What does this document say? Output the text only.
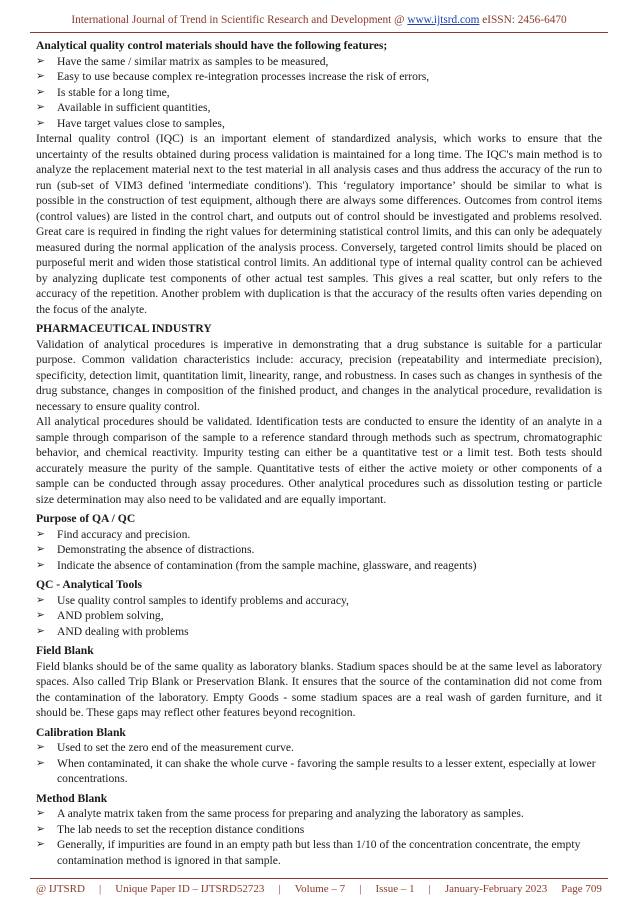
International Journal of Trend in Scientific Research and Development @ www.ijtsrd.com eISSN: 2456-6470

Analytical quality control materials should have the following features;

➢ Have the same / similar matrix as samples to be measured,
➢ Easy to use because complex re-integration processes increase the risk of errors,
➢ Is stable for a long time,
➢ Available in sufficient quantities,
➢ Have target values close to samples,

Internal quality control (IQC) is an important element of standardized analysis, which works to ensure that the uncertainty of the results obtained during process validation is maintained for a long time. The IQC's main method is to analyze the replacement material next to the test material in all analysis cases and thus address the accuracy of the run to run (sub-set of VIM3 defined 'intermediate conditions'). This ‘regulatory importance’ should be similar to what is possible in the construction of test equipment, although there are always some differences. Outcomes from control items (control values) are listed in the control chart, and outputs out of control should be investigated and problems resolved. Great care is required in finding the right values for determining statistical control limits, and this can only be adequately measured during the normal application of the analysis process. Conversely, targeted control limits should be placed on purposeful merit and widen those statistical control limits. An additional type of internal quality control can be achieved by analyzing duplicate test components of other actual test samples. This gives a real scatter, but only refers to the accuracy of the repetition. Another problem with duplication is that the accuracy of the results often varies depending on the focus of the analyte.

PHARMACEUTICAL INDUSTRY

Validation of analytical procedures is imperative in demonstrating that a drug substance is suitable for a particular purpose. Common validation characteristics include: accuracy, precision (repeatability and intermediate precision), specificity, detection limit, quantitation limit, linearity, range, and robustness. In cases such as changes in synthesis of the drug substance, changes in composition of the finished product, and changes in the analytical procedure, revalidation is necessary to ensure quality control.

All analytical procedures should be validated. Identification tests are conducted to ensure the identity of an analyte in a sample through comparison of the sample to a reference standard through methods such as spectrum, chromatographic behavior, and chemical reactivity. Impurity testing can either be a quantitative test or a limit test. Both tests should accurately measure the purity of the sample. Quantitative tests of either the active moiety or other components of a sample can be conducted through assay procedures. Other analytical procedures such as dissolution testing or particle size determination may also need to be validated and are equally important.

Purpose of QA / QC

➢ Find accuracy and precision.
➢ Demonstrating the absence of distractions.
➢ Indicate the absence of contamination (from the sample machine, glassware, and reagents)

QC - Analytical Tools

➢ Use quality control samples to identify problems and accuracy,
➢ AND problem solving,
➢ AND dealing with problems

Field Blank

Field blanks should be of the same quality as laboratory blanks. Stadium spaces should be at the same level as laboratory spaces. Also called Trip Blank or Preservation Blank. It ensures that the source of the contamination did not come from the contamination of the laboratory. Empty Goods - some stadium spaces are a real wash of garden furniture, and it should be. These gaps may reflect other features beyond recognition.

Calibration Blank

➢ Used to set the zero end of the measurement curve.
➢ When contaminated, it can shake the whole curve - favoring the sample results to a lesser extent, especially at lower concentrations.

Method Blank

➢ A analyte matrix taken from the same process for preparing and analyzing the laboratory as samples.
➢ The lab needs to set the reception distance conditions
➢ Generally, if impurities are found in an empty path but less than 1/10 of the concentration concentrate, the empty contamination method is ignored in that sample.
@ IJTSRD | Unique Paper ID – IJTSRD52723 | Volume – 7 | Issue – 1 | January-February 2023 Page 709
